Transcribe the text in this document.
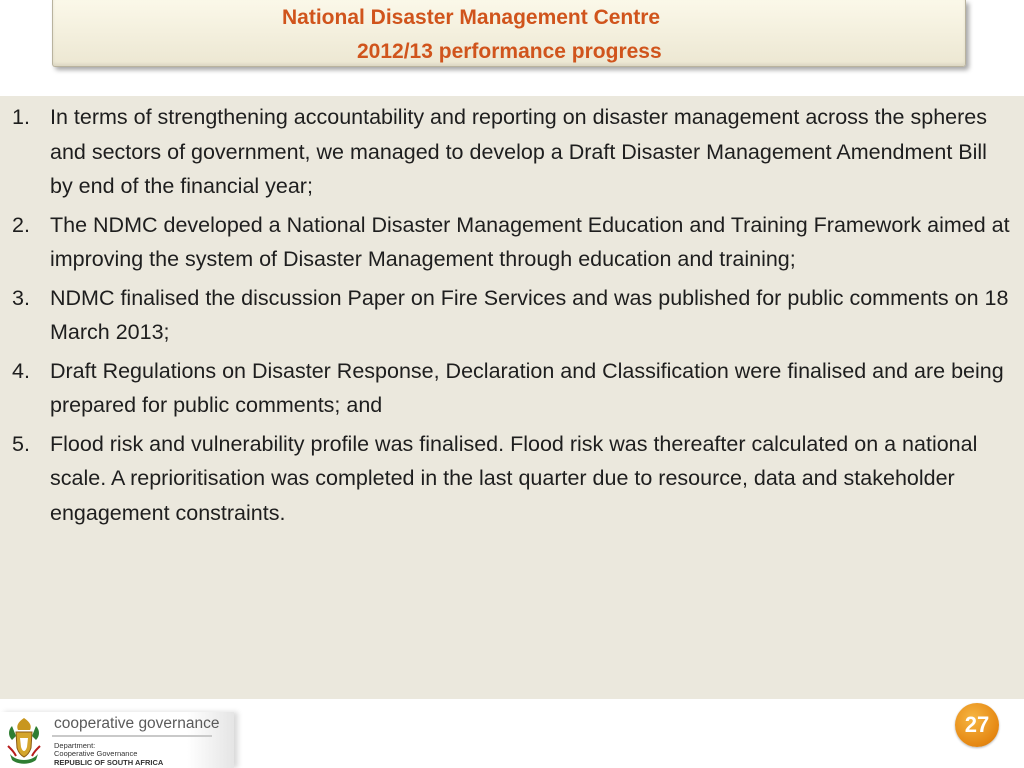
National Disaster Management Centre
2012/13 performance progress
1. In terms of strengthening accountability and reporting on disaster management across the spheres and sectors of government, we managed to develop a Draft Disaster Management Amendment Bill by end of the financial year;
2. The NDMC developed a National Disaster Management Education and Training Framework aimed at improving the system of Disaster Management through education and training;
3. NDMC finalised the discussion Paper on Fire Services and was published for public comments on 18 March 2013;
4. Draft Regulations on Disaster Response, Declaration and Classification were finalised and are being prepared for public comments; and
5. Flood risk and vulnerability profile was finalised. Flood risk was thereafter calculated on a national scale. A reprioritisation was completed in the last quarter due to resource, data and stakeholder engagement constraints.
cooperative governance
Department:
Cooperative Governance
REPUBLIC OF SOUTH AFRICA
27
